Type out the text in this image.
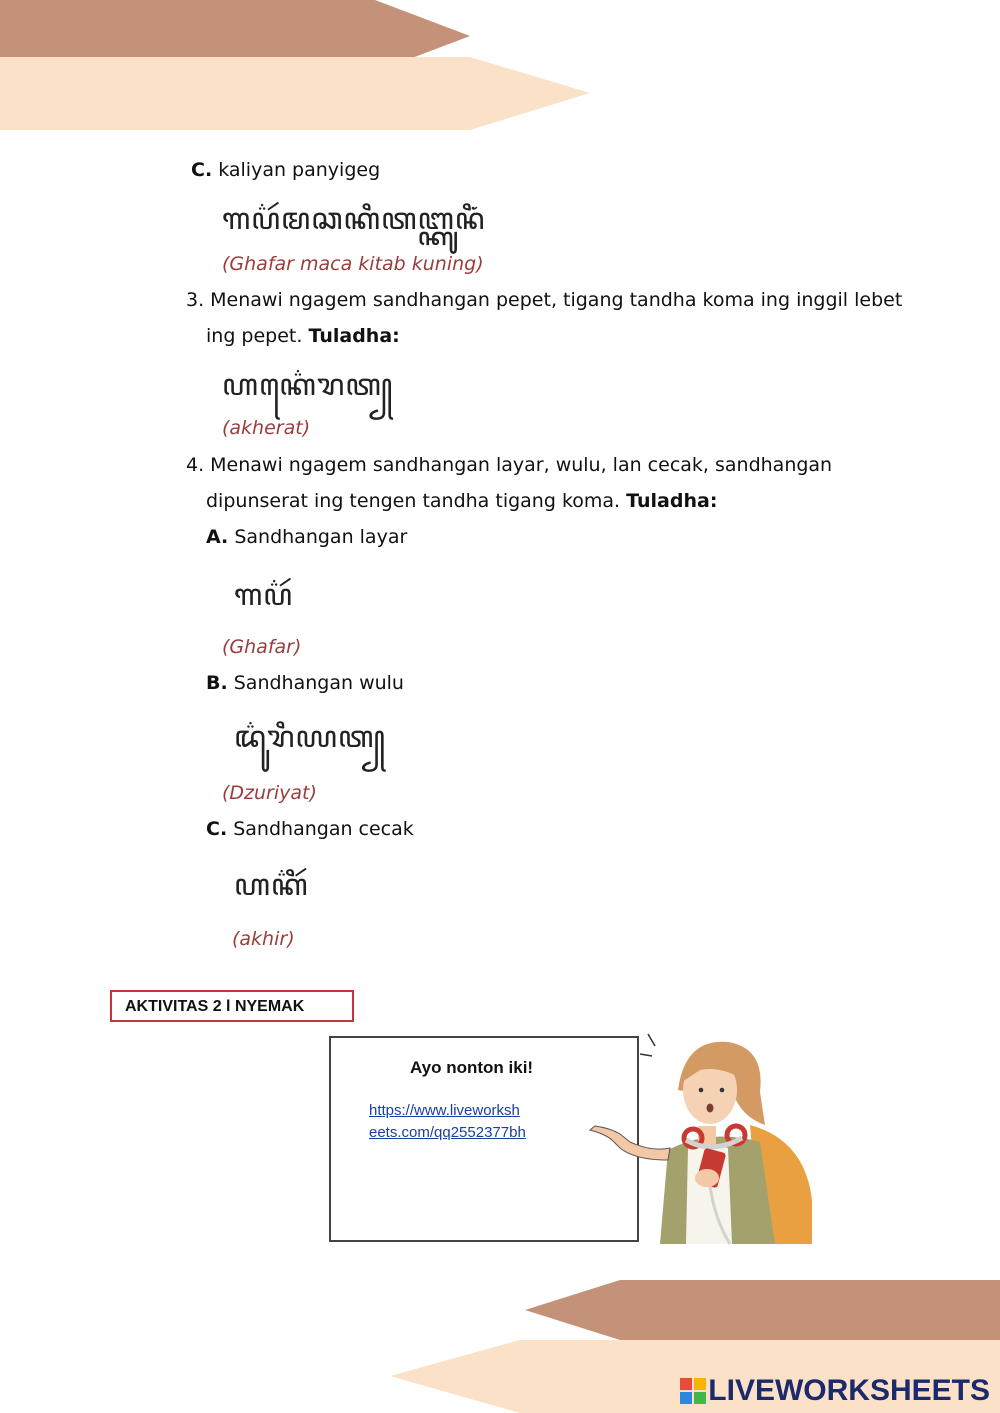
C. kaliyan panyigeg
ꦒꦥ꦳ꦂꦩꦕꦏꦶꦠꦧ꧀ꦏꦸꦤꦶꦁ
(Ghafar maca kitab kuning)
3. Menawi ngagem sandhangan pepet, tigang tandha koma ing inggil lebet
ing pepet. Tuladha:
ꦲꦏ꦳ꦺꦫꦠ꧀
(akherat)
4. Menawi ngagem sandhangan layar, wulu, lan cecak, sandhangan
dipunserat ing tengen tandha tigang koma. Tuladha:
A. Sandhangan layar
ꦒꦥ꦳ꦂ
(Ghafar)
B. Sandhangan wulu
ꦢ꦳ꦸꦫꦶꦪꦠ꧀
(Dzuriyat)
C. Sandhangan cecak
ꦲꦏ꦳ꦶꦂ
(akhir)
AKTIVITAS 2 l NYEMAK
Ayo nonton iki!
https://www.liveworksh
eets.com/qq2552377bh
LIVEWORKSHEETS
